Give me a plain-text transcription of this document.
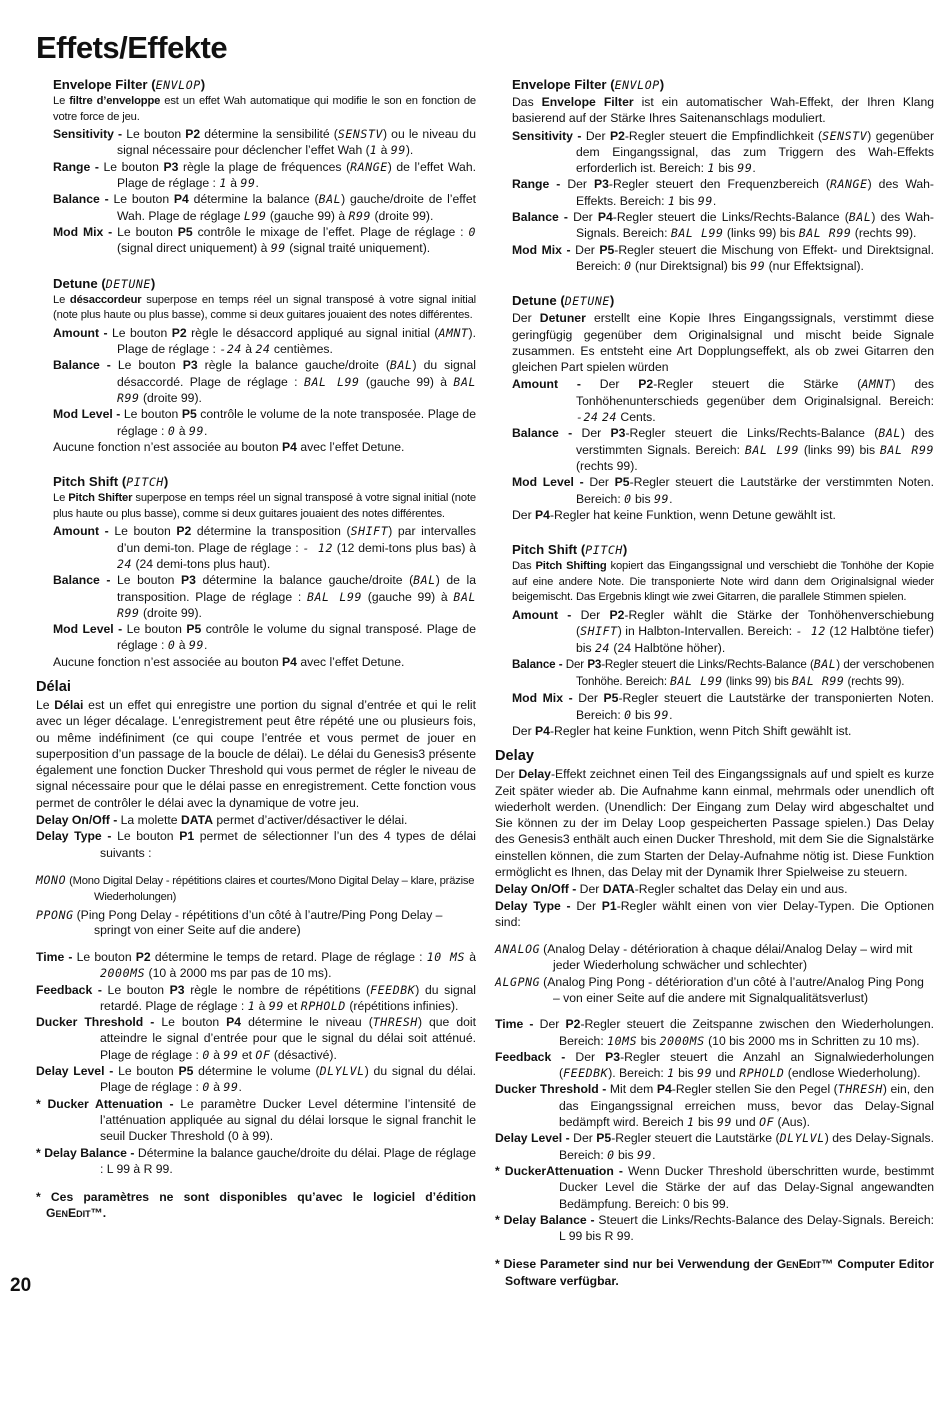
Effets/Effekte

Envelope Filter (ENVLOP)

Le filtre d’enveloppe est un effet Wah automatique qui modifie le son en fonction de votre force de jeu.

Sensitivity - Le bouton P2 détermine la sensibilité (SENSTV) ou le niveau du signal nécessaire pour déclencher l’effet Wah (1 à 99).

Range - Le bouton P3 règle la plage de fréquences (RANGE) de l’effet Wah. Plage de réglage : 1 à 99.

Balance - Le bouton P4 détermine la balance (BAL) gauche/droite de l’effet Wah. Plage de réglage L99 (gauche 99) à R99 (droite 99).

Mod Mix - Le bouton P5 contrôle le mixage de l’effet. Plage de réglage : 0 (signal direct uniquement) à 99 (signal traité uniquement).

Detune (DETUNE)

Le désaccordeur superpose en temps réel un signal transposé à votre signal initial (note plus haute ou plus basse), comme si deux guitares jouaient des notes différentes.

Amount - Le bouton P2 règle le désaccord appliqué au signal initial (AMNT). Plage de réglage : -24 à 24 centièmes.

Balance - Le bouton P3 règle la balance gauche/droite (BAL) du signal désaccordé. Plage de réglage : BAL L99 (gauche 99) à BAL R99 (droite 99).

Mod Level - Le bouton P5 contrôle le volume de la note transposée. Plage de réglage : 0 à 99.

Aucune fonction n’est associée au bouton P4 avec l’effet Detune.

Pitch Shift (PITCH)

Le Pitch Shifter superpose en temps réel un signal transposé à votre signal initial (note plus haute ou plus basse), comme si deux guitares jouaient des notes différentes.

Amount - Le bouton P2 détermine la transposition (SHIFT) par intervalles d’un demi-ton. Plage de réglage : - 12 (12 demi-tons plus bas) à 24 (24 demi-tons plus haut).

Balance - Le bouton P3 détermine la balance gauche/droite (BAL) de la transposition. Plage de réglage : BAL L99 (gauche 99) à BAL R99 (droite 99).

Mod Level - Le bouton P5 contrôle le volume du signal transposé. Plage de réglage : 0 à 99.

Aucune fonction n’est associée au bouton P4 avec l’effet Detune.

Délai

Le Délai est un effet qui enregistre une portion du signal d’entrée et qui le relit avec un léger décalage. L’enregistrement peut être répété une ou plusieurs fois, ou même indéfiniment (ce qui coupe l’entrée et vous permet de jouer en superposition d’un passage de la boucle de délai). Le délai du Genesis3 présente également une fonction Ducker Threshold qui vous permet de régler le niveau de signal nécessaire pour que le délai passe en enregistrement. Cette fonction vous permet de contrôler le délai avec la dynamique de votre jeu.

Delay On/Off - La molette DATA permet d’activer/désactiver le délai.

Delay Type - Le bouton P1 permet de sélectionner l’un des 4 types de délai suivants :

MONO (Mono Digital Delay - répétitions claires et courtes/Mono Digital Delay – klare, präzise Wiederholungen)

PPONG (Ping Pong Delay - répétitions d’un côté à l’autre/Ping Pong Delay – springt von einer Seite auf die andere)

Time - Le bouton P2 détermine le temps de retard. Plage de réglage : 10 MS à 2000MS (10 à 2000 ms par pas de 10 ms).

Feedback - Le bouton P3 règle le nombre de répétitions (FEEDBK) du signal retardé. Plage de réglage : 1 à 99 et RPHOLD (répétitions infinies).

Ducker Threshold - Le bouton P4 détermine le niveau (THRESH) que doit atteindre le signal d’entrée pour que le signal du délai soit atténué. Plage de réglage : 0 à 99 et OF (désactivé).

Delay Level - Le bouton P5 détermine le volume (DLYLVL) du signal du délai. Plage de réglage : 0 à 99.

* Ducker Attenuation - Le paramètre Ducker Level détermine l’intensité de l’atténuation appliquée au signal du délai lorsque le signal franchit le seuil Ducker Threshold (0 à 99).

* Delay Balance - Détermine la balance gauche/droite du délai. Plage de réglage : L 99 à R 99.

* Ces paramètres ne sont disponibles qu’avec le logiciel d’édition GenEdit™.

Envelope Filter (ENVLOP)

Das Envelope Filter ist ein automatischer Wah-Effekt, der Ihren Klang basierend auf der Stärke Ihres Saitenanschlags moduliert.

Sensitivity - Der P2-Regler steuert die Empfindlichkeit (SENSTV) gegenüber dem Eingangssignal, das zum Triggern des Wah-Effekts erforderlich ist. Bereich: 1 bis 99.

Range - Der P3-Regler steuert den Frequenzbereich (RANGE) des Wah-Effekts. Bereich: 1 bis 99.

Balance - Der P4-Regler steuert die Links/Rechts-Balance (BAL) des Wah-Signals. Bereich: BAL L99 (links 99) bis BAL R99 (rechts 99).

Mod Mix - Der P5-Regler steuert die Mischung von Effekt- und Direktsignal. Bereich: 0 (nur Direktsignal) bis 99 (nur Effektsignal).

Detune (DETUNE)

Der Detuner erstellt eine Kopie Ihres Eingangssignals, verstimmt diese geringfügig gegenüber dem Originalsignal und mischt beide Signale zusammen. Es entsteht eine Art Dopplungseffekt, als ob zwei Gitarren den gleichen Part spielen würden

Amount - Der P2-Regler steuert die Stärke (AMNT) des Tonhöhenunterschieds gegenüber dem Originalsignal. Bereich: -24 24 Cents.

Balance - Der P3-Regler steuert die Links/Rechts-Balance (BAL) des verstimmten Signals. Bereich: BAL L99 (links 99) bis BAL R99 (rechts 99).

Mod Level - Der P5-Regler steuert die Lautstärke der verstimmten Noten. Bereich: 0 bis 99.

Der P4-Regler hat keine Funktion, wenn Detune gewählt ist.

Pitch Shift (PITCH)

Das Pitch Shifting kopiert das Eingangssignal und verschiebt die Tonhöhe der Kopie auf eine andere Note. Die transponierte Note wird dann dem Originalsignal wieder beigemischt. Das Ergebnis klingt wie zwei Gitarren, die parallele Stimmen spielen.

Amount - Der P2-Regler wählt die Stärke der Tonhöhenverschiebung (SHIFT) in Halbton-Intervallen. Bereich: - 12 (12 Halbtöne tiefer) bis 24 (24 Halbtöne höher).

Balance - Der P3-Regler steuert die Links/Rechts-Balance (BAL) der verschobenen Tonhöhe. Bereich: BAL L99 (links 99) bis BAL R99 (rechts 99).

Mod Mix - Der P5-Regler steuert die Lautstärke der transponierten Noten. Bereich: 0 bis 99.

Der P4-Regler hat keine Funktion, wenn Pitch Shift gewählt ist.

Delay

Der Delay-Effekt zeichnet einen Teil des Eingangssignals auf und spielt es kurze Zeit später wieder ab. Die Aufnahme kann einmal, mehrmals oder unendlich oft wiederholt werden. (Unendlich: Der Eingang zum Delay wird abgeschaltet und Sie können zu der im Delay Loop gespeicherten Passage spielen.) Das Delay des Genesis3 enthält auch einen Ducker Threshold, mit dem Sie die Signalstärke einstellen können, die zum Starten der Delay-Aufnahme nötig ist. Diese Funktion ermöglicht es Ihnen, das Delay mit der Dynamik Ihrer Spielweise zu steuern.

Delay On/Off - Der DATA-Regler schaltet das Delay ein und aus.

Delay Type - Der P1-Regler wählt einen von vier Delay-Typen. Die Optionen sind:

ANALOG (Analog Delay - détérioration à chaque délai/Analog Delay – wird mit jeder Wiederholung schwächer und schlechter)

ALGPNG (Analog Ping Pong - détérioration d’un côté à l’autre/Analog Ping Pong – von einer Seite auf die andere mit Signalqualitätsverlust)

Time - Der P2-Regler steuert die Zeitspanne zwischen den Wiederholungen. Bereich: 10MS bis 2000MS (10 bis 2000 ms in Schritten zu 10 ms).

Feedback - Der P3-Regler steuert die Anzahl an Signalwiederholungen (FEEDBK). Bereich: 1 bis 99 und RPHOLD (endlose Wiederholung).

Ducker Threshold - Mit dem P4-Regler stellen Sie den Pegel (THRESH) ein, den das Eingangssignal erreichen muss, bevor das Delay-Signal bedämpft wird. Bereich 1 bis 99 und OF (Aus).

Delay Level - Der P5-Regler steuert die Lautstärke (DLYLVL) des Delay-Signals. Bereich: 0 bis 99.

* DuckerAttenuation - Wenn Ducker Threshold überschritten wurde, bestimmt Ducker Level die Stärke der auf das Delay-Signal angewandten Bedämpfung. Bereich: 0 bis 99.

* Delay Balance - Steuert die Links/Rechts-Balance des Delay-Signals. Bereich: L 99 bis R 99.

* Diese Parameter sind nur bei Verwendung der GenEdit™ Computer Editor Software verfügbar.

20
